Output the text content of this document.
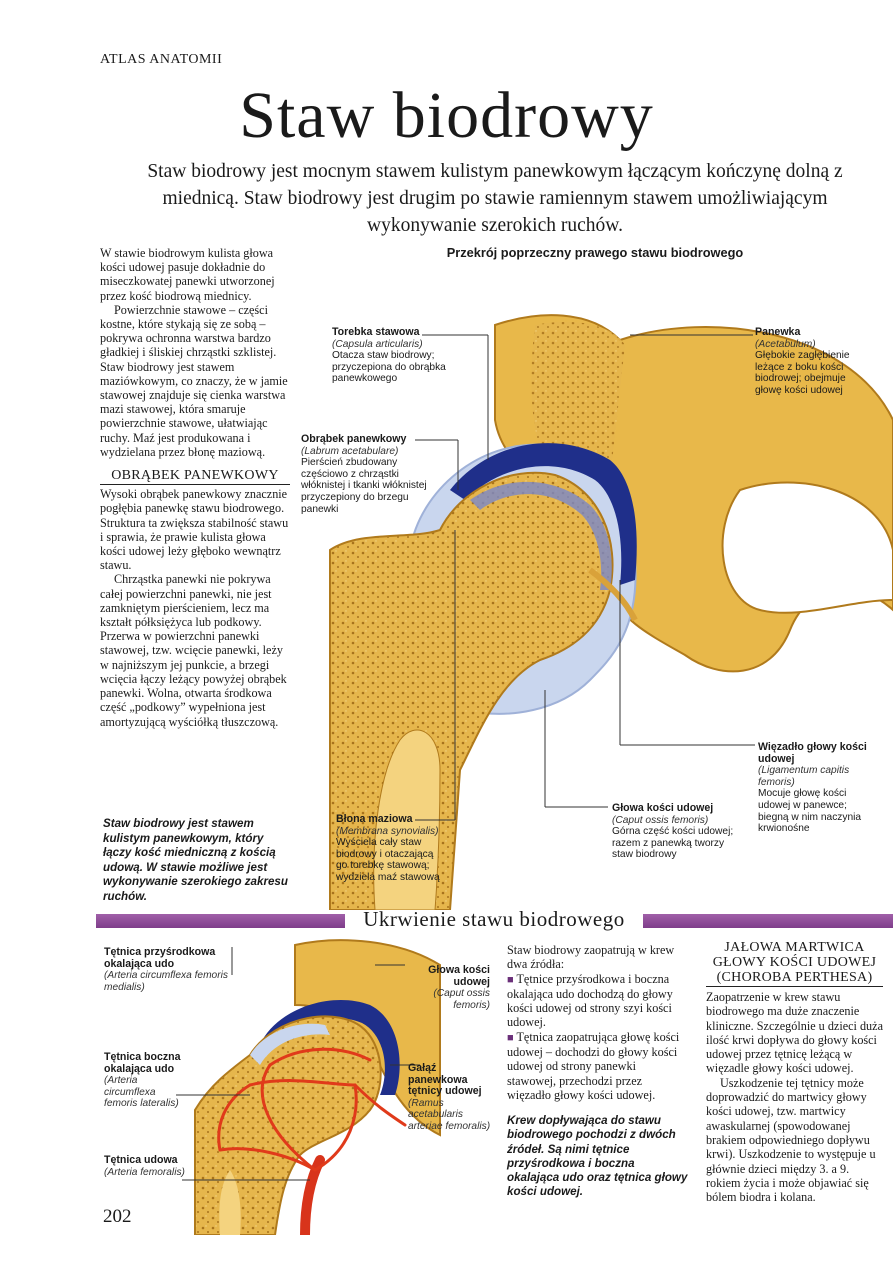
ATLAS ANATOMII
Staw biodrowy
Staw biodrowy jest mocnym stawem kulistym panewkowym łączącym kończynę dolną z miednicą. Staw biodrowy jest drugim po stawie ramiennym stawem umożliwiającym wykonywanie szerokich ruchów.

W stawie biodrowym kulista głowa kości udowej pasuje dokładnie do miseczkowatej panewki utworzonej przez kość biodrową miednicy.

Powierzchnie stawowe – części kostne, które stykają się ze sobą – pokrywa ochronna warstwa bardzo gładkiej i śliskiej chrząstki szklistej. Staw biodrowy jest stawem maziówkowym, co znaczy, że w jamie stawowej znajduje się cienka warstwa mazi stawowej, która smaruje powierzchnie stawowe, ułatwiając ruchy. Maź jest produkowana i wydzielana przez błonę maziową.

OBRĄBEK PANEWKOWY

Wysoki obrąbek panewkowy znacznie pogłębia panewkę stawu biodrowego. Struktura ta zwiększa stabilność stawu i sprawia, że prawie kulista głowa kości udowej leży głęboko wewnątrz stawu.

Chrząstka panewki nie pokrywa całej powierzchni panewki, nie jest zamkniętym pierścieniem, lecz ma kształt półksiężyca lub podkowy. Przerwa w powierzchni panewki stawowej, tzw. wcięcie panewki, leży w najniższym jej punkcie, a brzegi wcięcia łączy leżący powyżej obrąbek panewki. Wolna, otwarta środkowa część „podkowy” wypełniona jest amortyzującą wyściółką tłuszczową.

Staw biodrowy jest stawem kulistym panewkowym, który łączy kość miedniczną z kością udową. W stawie możliwe jest wykonywanie szerokiego zakresu ruchów.
Przekrój poprzeczny prawego stawu biodrowego
Torebka stawowa
(Capsula articularis)
Otacza staw biodrowy; przyczepiona do obrąbka panewkowego
Obrąbek panewkowy
(Labrum acetabulare)
Pierścień zbudowany częściowo z chrząstki włóknistej i tkanki włóknistej przyczepiony do brzegu panewki
Panewka
(Acetabulum)
Głębokie zagłębienie leżące z boku kości biodrowej; obejmuje głowę kości udowej
Więzadło głowy kości udowej
(Ligamentum capitis femoris)
Mocuje głowę kości udowej w panewce; biegną w nim naczynia krwionośne
Głowa kości udowej
(Caput ossis femoris)
Górna część kości udowej; razem z panewką tworzy staw biodrowy
Błona maziowa
(Membrana synovialis)
Wyściela cały staw biodrowy i otaczającą go torebkę stawową; wydziela maź stawową
Ukrwienie stawu biodrowego
Tętnica przyśrodkowa okalająca udo
(Arteria circumflexa femoris medialis)
Tętnica boczna okalająca udo
(Arteria circumflexa femoris lateralis)
Tętnica udowa
(Arteria femoralis)
Głowa kości udowej
(Caput ossis femoris)
Gałąź panewkowa tętnicy udowej
(Ramus acetabularis arteriae femoralis)

Staw biodrowy zaopatrują w krew dwa źródła:

■ Tętnice przyśrodkowa i boczna okalająca udo dochodzą do głowy kości udowej od strony szyi kości udowej.

■ Tętnica zaopatrująca głowę kości udowej – dochodzi do głowy kości udowej od strony panewki stawowej, przechodzi przez więzadło głowy kości udowej.

Krew dopływająca do stawu biodrowego pochodzi z dwóch źródeł. Są nimi tętnice przyśrodkowa i boczna okalająca udo oraz tętnica głowy kości udowej.
JAŁOWA MARTWICA GŁOWY KOŚCI UDOWEJ (CHOROBA PERTHESA)

Zaopatrzenie w krew stawu biodrowego ma duże znaczenie kliniczne. Szczególnie u dzieci duża ilość krwi dopływa do głowy kości udowej przez tętnicę leżącą w więzadle głowy kości udowej.

Uszkodzenie tej tętnicy może doprowadzić do martwicy głowy kości udowej, tzw. martwicy awaskularnej (spowodowanej brakiem odpowiedniego dopływu krwi). Uszkodzenie to występuje u głównie dzieci między 3. a 9. rokiem życia i może objawiać się bólem biodra i kolana.

202
